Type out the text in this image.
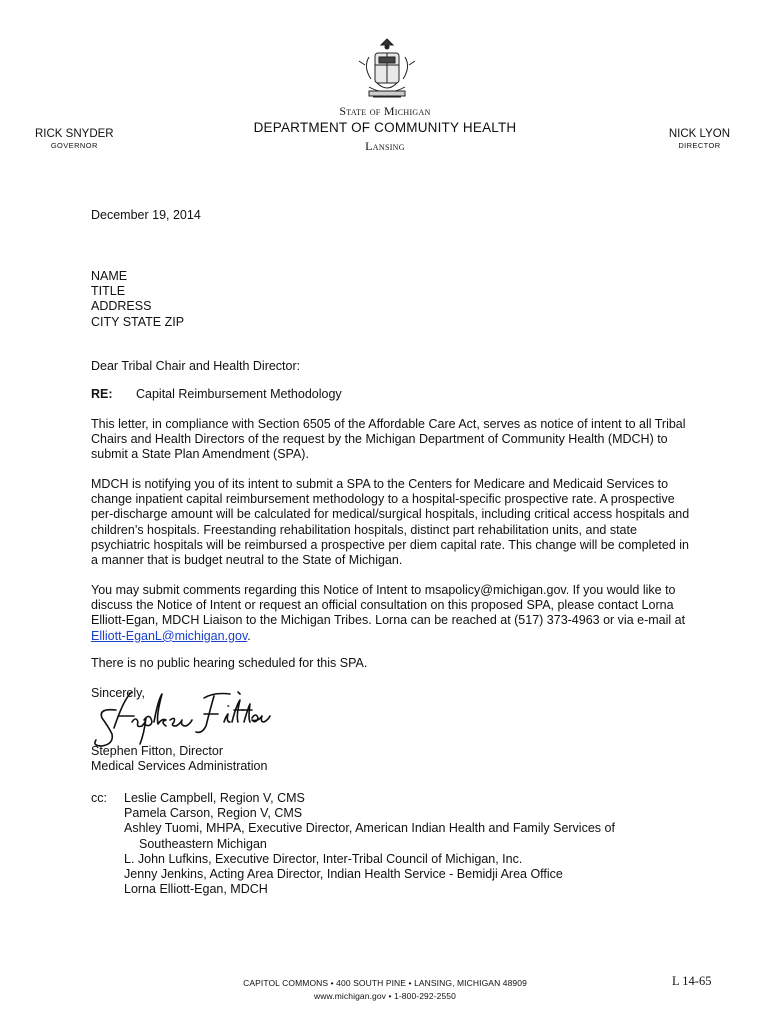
State of Michigan
DEPARTMENT OF COMMUNITY HEALTH
Lansing
RICK SNYDER
GOVERNOR
NICK LYON
DIRECTOR
December 19, 2014
NAME
TITLE
ADDRESS
CITY STATE ZIP
Dear Tribal Chair and Health Director:
RE: Capital Reimbursement Methodology
This letter, in compliance with Section 6505 of the Affordable Care Act, serves as notice of intent to all Tribal Chairs and Health Directors of the request by the Michigan Department of Community Health (MDCH) to submit a State Plan Amendment (SPA).
MDCH is notifying you of its intent to submit a SPA to the Centers for Medicare and Medicaid Services to change inpatient capital reimbursement methodology to a hospital-specific prospective rate. A prospective per-discharge amount will be calculated for medical/surgical hospitals, including critical access hospitals and children’s hospitals. Freestanding rehabilitation hospitals, distinct part rehabilitation units, and state psychiatric hospitals will be reimbursed a prospective per diem capital rate. This change will be completed in a manner that is budget neutral to the State of Michigan.
You may submit comments regarding this Notice of Intent to msapolicy@michigan.gov. If you would like to discuss the Notice of Intent or request an official consultation on this proposed SPA, please contact Lorna Elliott-Egan, MDCH Liaison to the Michigan Tribes. Lorna can be reached at (517) 373-4963 or via e-mail at Elliott-EganL@michigan.gov.
There is no public hearing scheduled for this SPA.
Sincerely,
Stephen Fitton, Director
Medical Services Administration
cc: Leslie Campbell, Region V, CMS
Pamela Carson, Region V, CMS
Ashley Tuomi, MHPA, Executive Director, American Indian Health and Family Services of
Southeastern Michigan
L. John Lufkins, Executive Director, Inter-Tribal Council of Michigan, Inc.
Jenny Jenkins, Acting Area Director, Indian Health Service - Bemidji Area Office
Lorna Elliott-Egan, MDCH
CAPITOL COMMONS • 400 SOUTH PINE • LANSING, MICHIGAN 48909
www.michigan.gov • 1-800-292-2550
L 14-65
